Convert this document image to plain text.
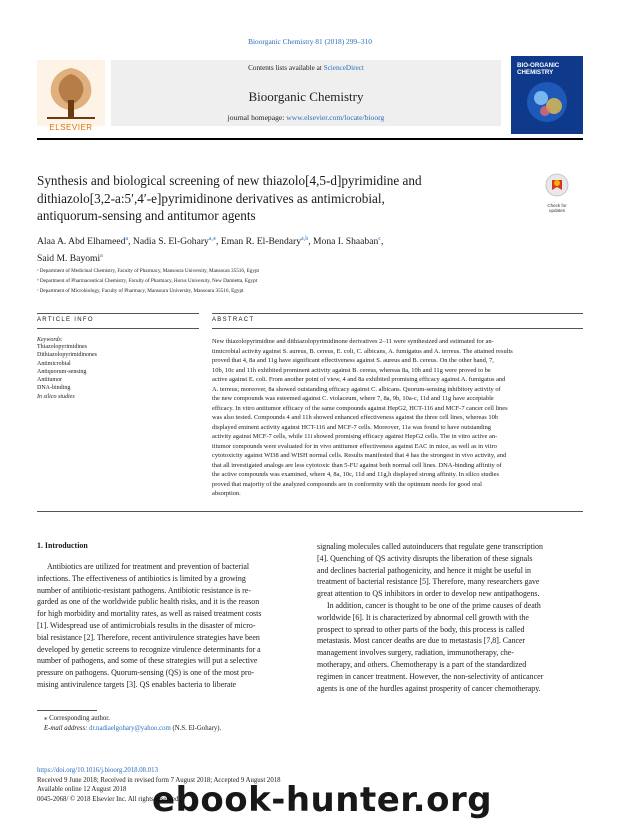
Bioorganic Chemistry 81 (2018) 299–310
ELSEVIER
Contents lists available at ScienceDirect
Bioorganic Chemistry
journal homepage: www.elsevier.com/locate/bioorg
BIO-ORGANIC CHEMISTRY
Synthesis and biological screening of new thiazolo[4,5-d]pyrimidine and
dithiazolo[3,2-a:5′,4′-e]pyrimidinone derivatives as antimicrobial,
antiquorum-sensing and antitumor agents
Check for
updates
Alaa A. Abd Elhameed$^a$, Nadia S. El-Gohary$^{a,⁎}$, Eman R. El-Bendary$^{a,b}$, Mona I. Shaaban$^c$,
Said M. Bayomi$^a$
ᵃ Department of Medicinal Chemistry, Faculty of Pharmacy, Mansoura University, Mansoura 35516, Egypt
ᵇ Department of Pharmaceutical Chemistry, Faculty of Pharmacy, Horus University, New Damietta, Egypt
ᶜ Department of Microbiology, Faculty of Pharmacy, Mansoura University, Mansoura 35516, Egypt
ARTICLE INFO
Keywords:
Thiazolopyrimidines
Dithiazolopyrimidinones
Antimicrobial
Antiquorum-sensing
Antitumor
DNA-binding
In silico studies
ABSTRACT
New thiazolopyrimidine and dithiazolopyrimidinone derivatives 2–11 were synthesized and estimated for an-
timicrobial activity against S. aureus, B. cereus, E. coli, C. albicans, A. fumigatus and A. terreus. The attained results
proved that 4, 8a and 11g have significant effectiveness against S. aureus and B. cereus. On the other hand, 7,
10b, 10c and 11h exhibited prominent activity against B. cereus, whereas 8a, 10b and 11g were proved to be
active against E. coli. From another point of view, 4 and 8a exhibited promising efficacy against A. fumigatus and
A. terreus; moreover, 8a showed outstanding efficacy against C. albicans. Quorum-sensing inhibitory activity of
the new compounds was esteemed against C. violaceum, where 7, 8a, 9b, 10a-c, 11d and 11g have acceptable
efficacy. In vitro antitumor efficacy of the same compounds against HepG2, HCT-116 and MCF-7 cancer cell lines
was also tested. Compounds 4 and 11h showed enhanced effectiveness against the three cell lines, whereas 10b
displayed eminent activity against HCT-116 and MCF-7 cells. Moreover, 11a was found to have outstanding
activity against MCF-7 cells, while 11i showed promising efficacy against HepG2 cells. The in vitro active an-
titumor compounds were evaluated for in vivo antitumor effectiveness against EAC in mice, as well as in vitro
cytotoxicity against WI38 and WISH normal cells. Results manifested that 4 has the strongest in vivo activity, and
that all investigated analogs are less cytotoxic than 5-FU against both normal cell lines. DNA-binding affinity of
the active compounds was examined, where 4, 8a, 10c, 11d and 11g,h displayed strong affinity. In silico studies
proved that majority of the analyzed compounds are in conformity with the optimum needs for good oral
absorption.
1. Introduction
Antibiotics are utilized for treatment and prevention of bacterial
infections. The effectiveness of antibiotics is limited by a growing
number of antibiotic-resistant pathogens. Antibiotic resistance is re-
garded as one of the worldwide public health risks, and it is the reason
for high morbidity and mortality rates, as well as raised treatment costs
[1]. Widespread use of antimicrobials results in the disaster of micro-
bial resistance [2]. Therefore, recent antivirulence strategies have been
developed by genetic screens to recognize virulence determinants for a
number of pathogens, and some of these strategies will put a selective
pressure on pathogens. Quorum-sensing (QS) is one of the most pro-
mising antivirulence targets [3]. QS enables bacteria to liberate
signaling molecules called autoinducers that regulate gene transcription
[4]. Quenching of QS activity disrupts the liberation of these signals
and declines bacterial pathogenicity, and hence it might be useful in
treatment of bacterial resistance [5]. Therefore, many researchers gave
great attention to QS inhibitors in order to develop new antipathogens.
In addition, cancer is thought to be one of the prime causes of death
worldwide [6]. It is characterized by abnormal cell growth with the
prospect to spread to other parts of the body, this process is called
metastasis. Most cancer deaths are due to metastasis [7,8]. Cancer
management involves surgery, radiation, immunotherapy, che-
motherapy, and others. Chemotherapy is a part of the standardized
regimen in cancer treatment. However, the non-selectivity of anticancer
agents is one of the hurdles against prosperity of cancer chemotherapy.
⁎ Corresponding author.
E-mail address: dr.nadiaelgohary@yahoo.com (N.S. El-Gohary).
https://doi.org/10.1016/j.bioorg.2018.08.013
Received 9 June 2018; Received in revised form 7 August 2018; Accepted 9 August 2018
Available online 12 August 2018
0045-2068/ © 2018 Elsevier Inc. All rights reserved.
ebook-hunter.org
